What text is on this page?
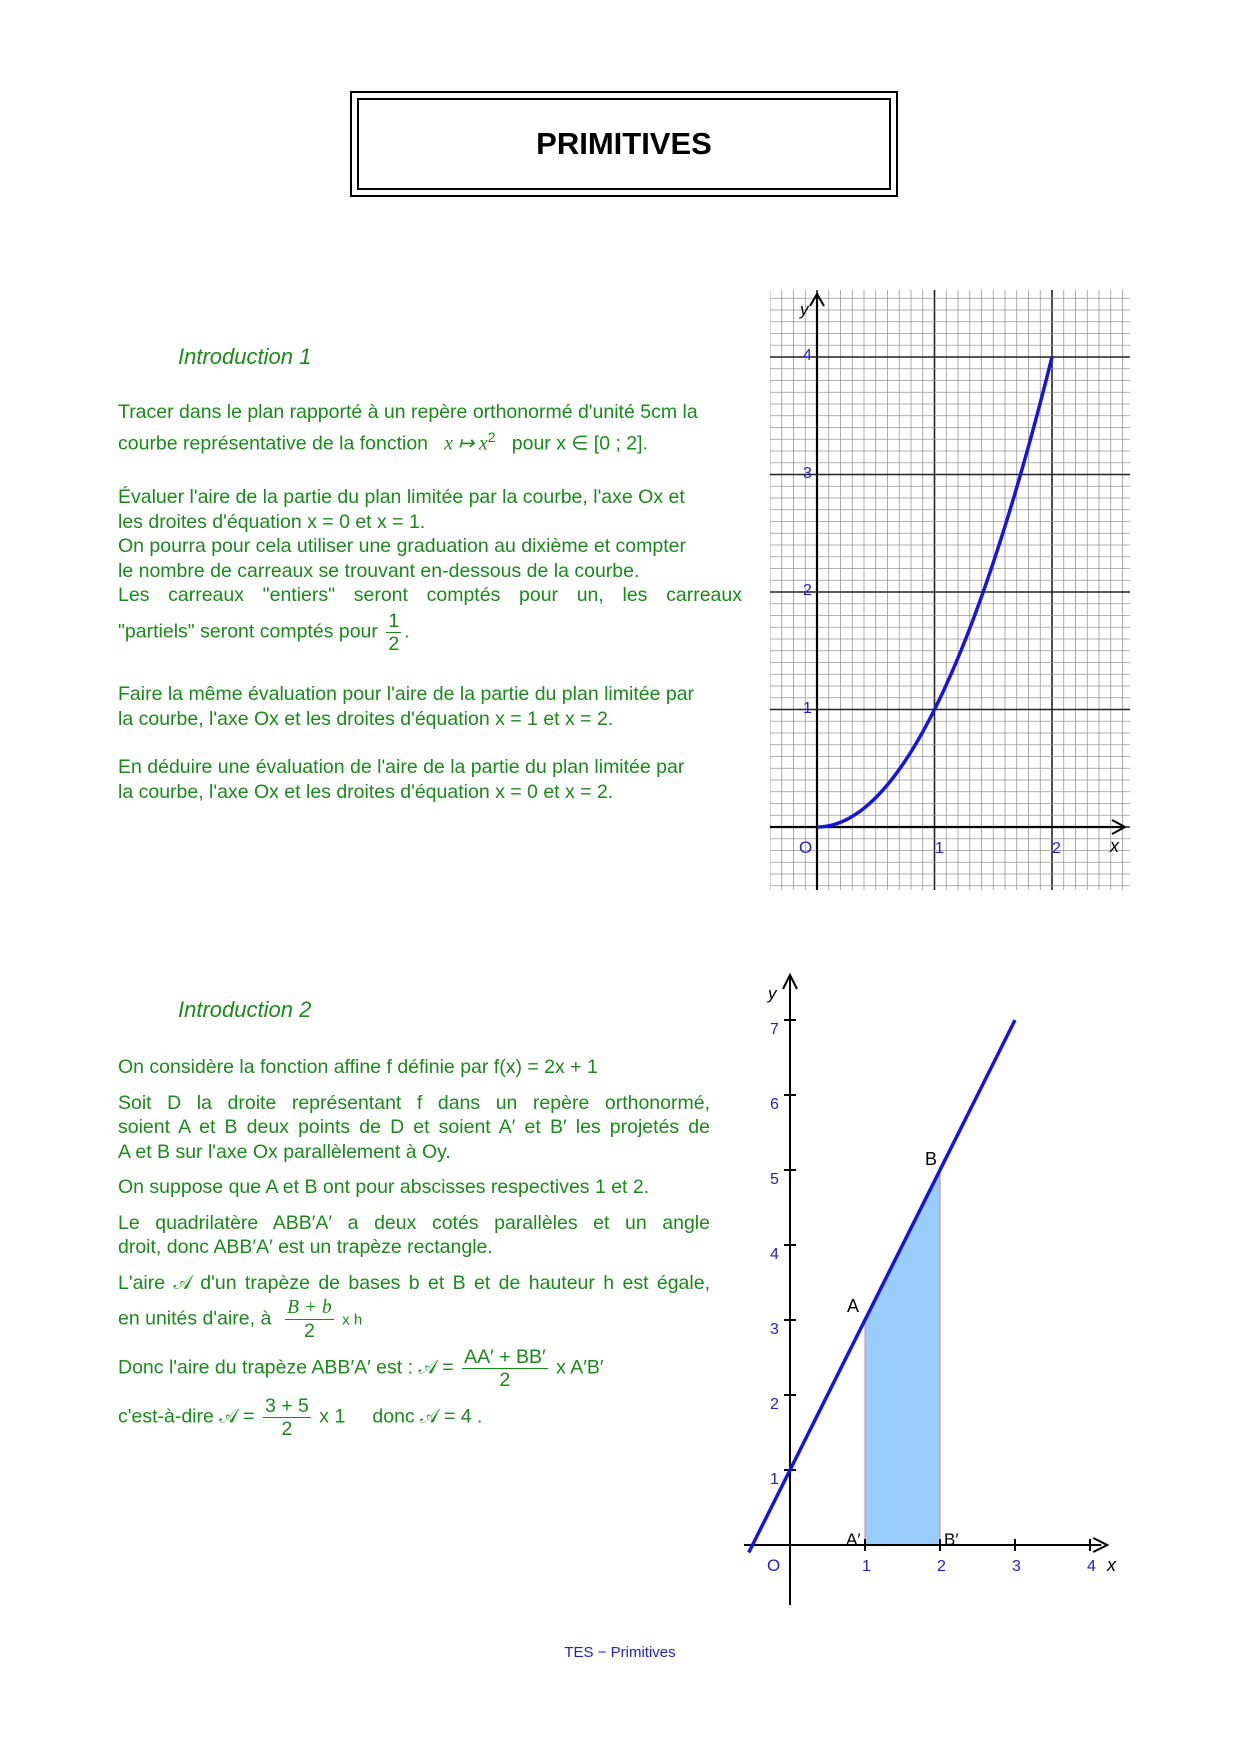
PRIMITIVES
Introduction 1

Tracer dans le plan rapporté à un repère orthonormé d'unité 5cm la

courbe représentative de la fonction x ↦ $x^2$ pour x ∈ [0 ; 2].

Évaluer l'aire de la partie du plan limitée par la courbe, l'axe Ox et

les droites d'équation x = 0 et x = 1.

On pourra pour cela utiliser une graduation au dixième et compter

le nombre de carreaux se trouvant en-dessous de la courbe.

Les carreaux "entiers" seront comptés pour un, les carreaux

"partiels" seront comptés pour $\frac{1}{2}$ .

Faire la même évaluation pour l'aire de la partie du plan limitée par

la courbe, l'axe Ox et les droites d'équation x = 1 et x = 2.

En déduire une évaluation de l'aire de la partie du plan limitée par

la courbe, l'axe Ox et les droites d'équation x = 0 et x = 2.

y
x
O
1
2
3
4
1	2
Introduction 2

On considère la fonction affine f définie par f(x) = 2x + 1

Soit D la droite représentant f dans un repère orthonormé,

soient A et B deux points de D et soient A′ et B′ les projetés de

A et B sur l'axe Ox parallèlement à Oy.

On suppose que A et B ont pour abscisses respectives 1 et 2.

Le quadrilatère ABB′A′ a deux cotés parallèles et un angle

droit, donc ABB′A′ est un trapèze rectangle.

L'aire 𝒜 d'un trapèze de bases b et B et de hauteur h est égale,

en unités d'aire, à $\frac{B + b}{2}$ x h

Donc l'aire du trapèze ABB′A′ est : 𝒜 = $\frac{AA' + BB'}{2}$ x A′B′

c'est-à-dire 𝒜 = $\frac{3 + 5}{2}$ x 1 donc 𝒜 = 4 .

y
x
O
1
2
3
4
5
6
7
1	2	3	4
A
B
A′	B′
TES − Primitives
